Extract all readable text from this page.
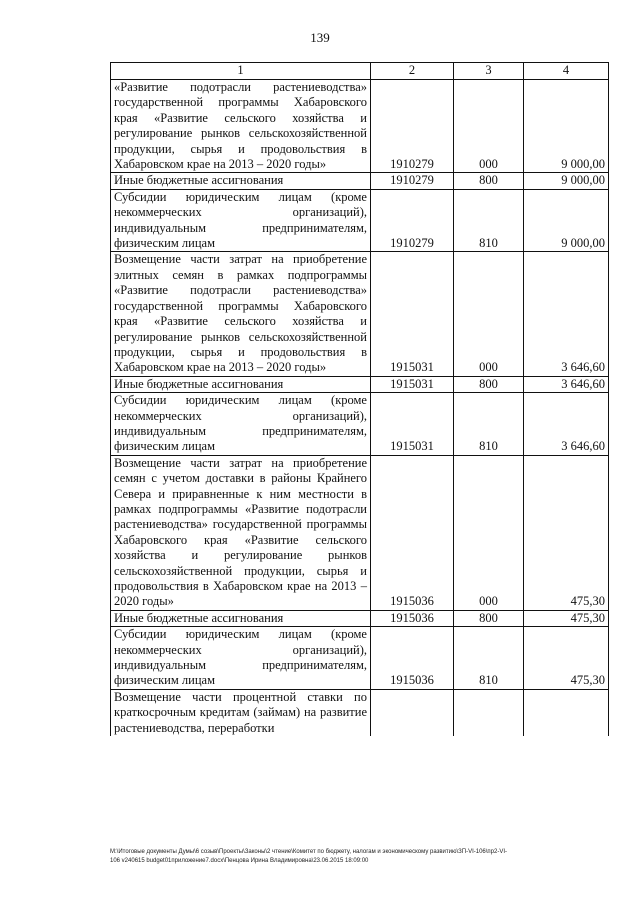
139
1	2	3	4
«Развитие подотрасли растениеводства» государственной программы Хабаровского края «Развитие сельского хозяйства и регулирование рынков сельскохозяйственной продукции, сырья и продовольствия в Хабаровском крае на 2013 – 2020 годы»	1910279	000	9 000,00
Иные бюджетные ассигнования	1910279	800	9 000,00
Субсидии юридическим лицам (кроме некоммерческих организаций), индивидуальным предпринимателям, физическим лицам	1910279	810	9 000,00
Возмещение части затрат на приобретение элитных семян в рамках подпрограммы «Развитие подотрасли растениеводства» государственной программы Хабаровского края «Развитие сельского хозяйства и регулирование рынков сельскохозяйственной продукции, сырья и продовольствия в Хабаровском крае на 2013 – 2020 годы»	1915031	000	3 646,60
Иные бюджетные ассигнования	1915031	800	3 646,60
Субсидии юридическим лицам (кроме некоммерческих организаций), индивидуальным предпринимателям, физическим лицам	1915031	810	3 646,60
Возмещение части затрат на приобретение семян с учетом доставки в районы Крайнего Севера и приравненные к ним местности в рамках подпрограммы «Развитие подотрасли растениеводства» государственной программы Хабаровского края «Развитие сельского хозяйства и регулирование рынков сельскохозяйственной продукции, сырья и продовольствия в Хабаровском крае на 2013 – 2020 годы»	1915036	000	475,30
Иные бюджетные ассигнования	1915036	800	475,30
Субсидии юридическим лицам (кроме некоммерческих организаций), индивидуальным предпринимателям, физическим лицам	1915036	810	475,30
Возмещение части процентной ставки по краткосрочным кредитам (займам) на развитие растениеводства, переработки			
M:\Итоговые документы Думы\6 созыв\Проекты\Законы\2 чтение\Комитет по бюджету, налогам и экономическому развитию\ЗП-VI-106\пр2-VI-
106 v240615 budget01приложение7.docx\Пенцова Ирина Владимировна\23.06.2015 18:09:00
